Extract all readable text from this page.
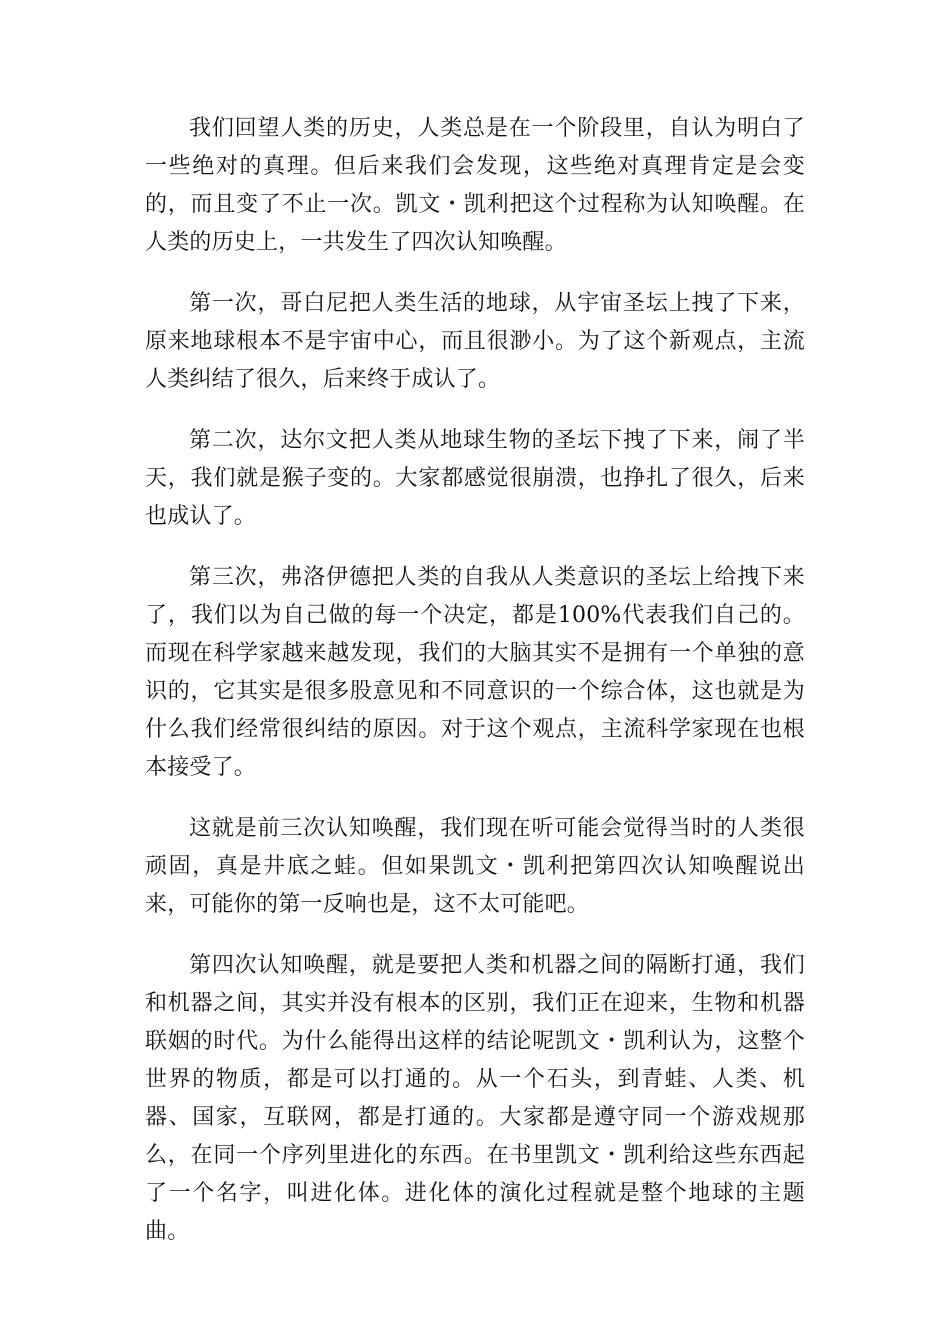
我们回望人类的历史，人类总是在一个阶段里，自认为明白了一些绝对的真理。但后来我们会发现，这些绝对真理肯定是会变的，而且变了不止一次。凯文・凯利把这个过程称为认知唤醒。在人类的历史上，一共发生了四次认知唤醒。

第一次，哥白尼把人类生活的地球，从宇宙圣坛上拽了下来，原来地球根本不是宇宙中心，而且很渺小。为了这个新观点，主流人类纠结了很久，后来终于成认了。

第二次，达尔文把人类从地球生物的圣坛下拽了下来，闹了半天，我们就是猴子变的。大家都感觉很崩溃，也挣扎了很久，后来也成认了。

第三次，弗洛伊德把人类的自我从人类意识的圣坛上给拽下来了，我们以为自己做的每一个决定，都是100%代表我们自己的。而现在科学家越来越发现，我们的大脑其实不是拥有一个单独的意识的，它其实是很多股意见和不同意识的一个综合体，这也就是为什么我们经常很纠结的原因。对于这个观点，主流科学家现在也根本接受了。

这就是前三次认知唤醒，我们现在听可能会觉得当时的人类很顽固，真是井底之蛙。但如果凯文・凯利把第四次认知唤醒说出来，可能你的第一反响也是，这不太可能吧。

第四次认知唤醒，就是要把人类和机器之间的隔断打通，我们和机器之间，其实并没有根本的区别，我们正在迎来，生物和机器联姻的时代。为什么能得出这样的结论呢凯文・凯利认为，这整个世界的物质，都是可以打通的。从一个石头，到青蛙、人类、机器、国家，互联网，都是打通的。大家都是遵守同一个游戏规那么，在同一个序列里进化的东西。在书里凯文・凯利给这些东西起了一个名字，叫进化体。进化体的演化过程就是整个地球的主题曲。
